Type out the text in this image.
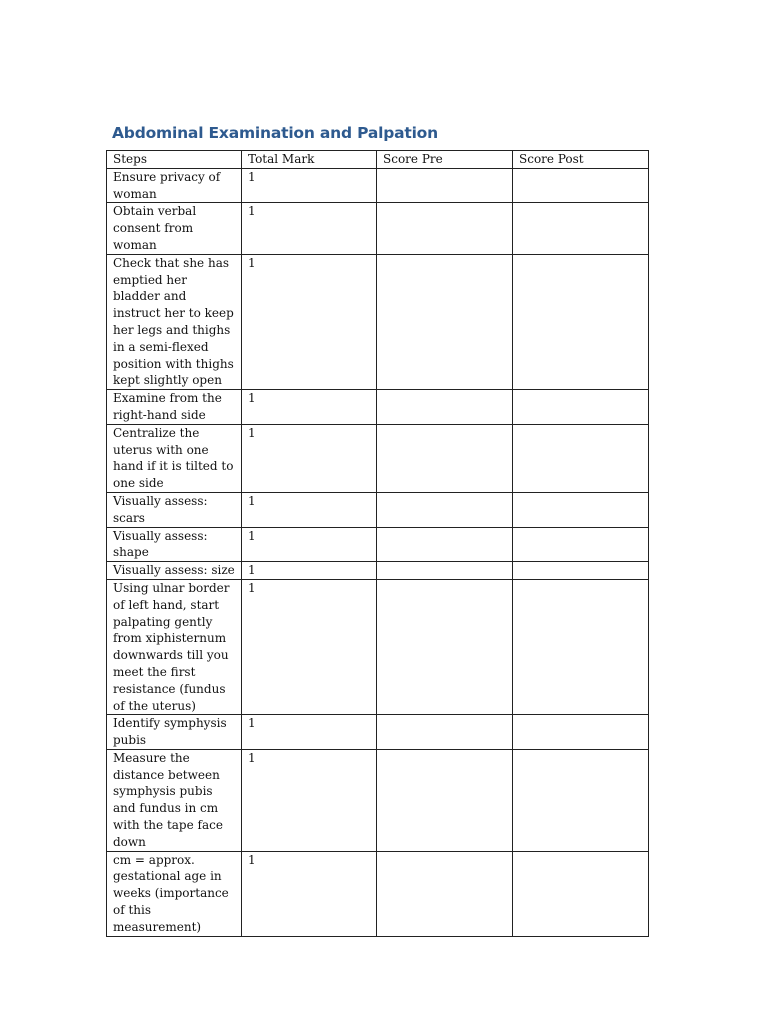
Abdominal Examination and Palpation
Steps	Total Mark	Score Pre	Score Post
Ensure privacy of woman	1		
Obtain verbal consent from woman	1		
Check that she has emptied her bladder and instruct her to keep her legs and thighs in a semi-flexed position with thighs kept slightly open	1		
Examine from the right-hand side	1		
Centralize the uterus with one hand if it is tilted to one side	1		
Visually assess: scars	1		
Visually assess: shape	1		
Visually assess: size	1		
Using ulnar border of left hand, start palpating gently from xiphisternum downwards till you meet the first resistance (fundus of the uterus)	1		
Identify symphysis pubis	1		
Measure the distance between symphysis pubis and fundus in cm with the tape face down	1		
cm = approx. gestational age in weeks (importance of this measurement)	1		
